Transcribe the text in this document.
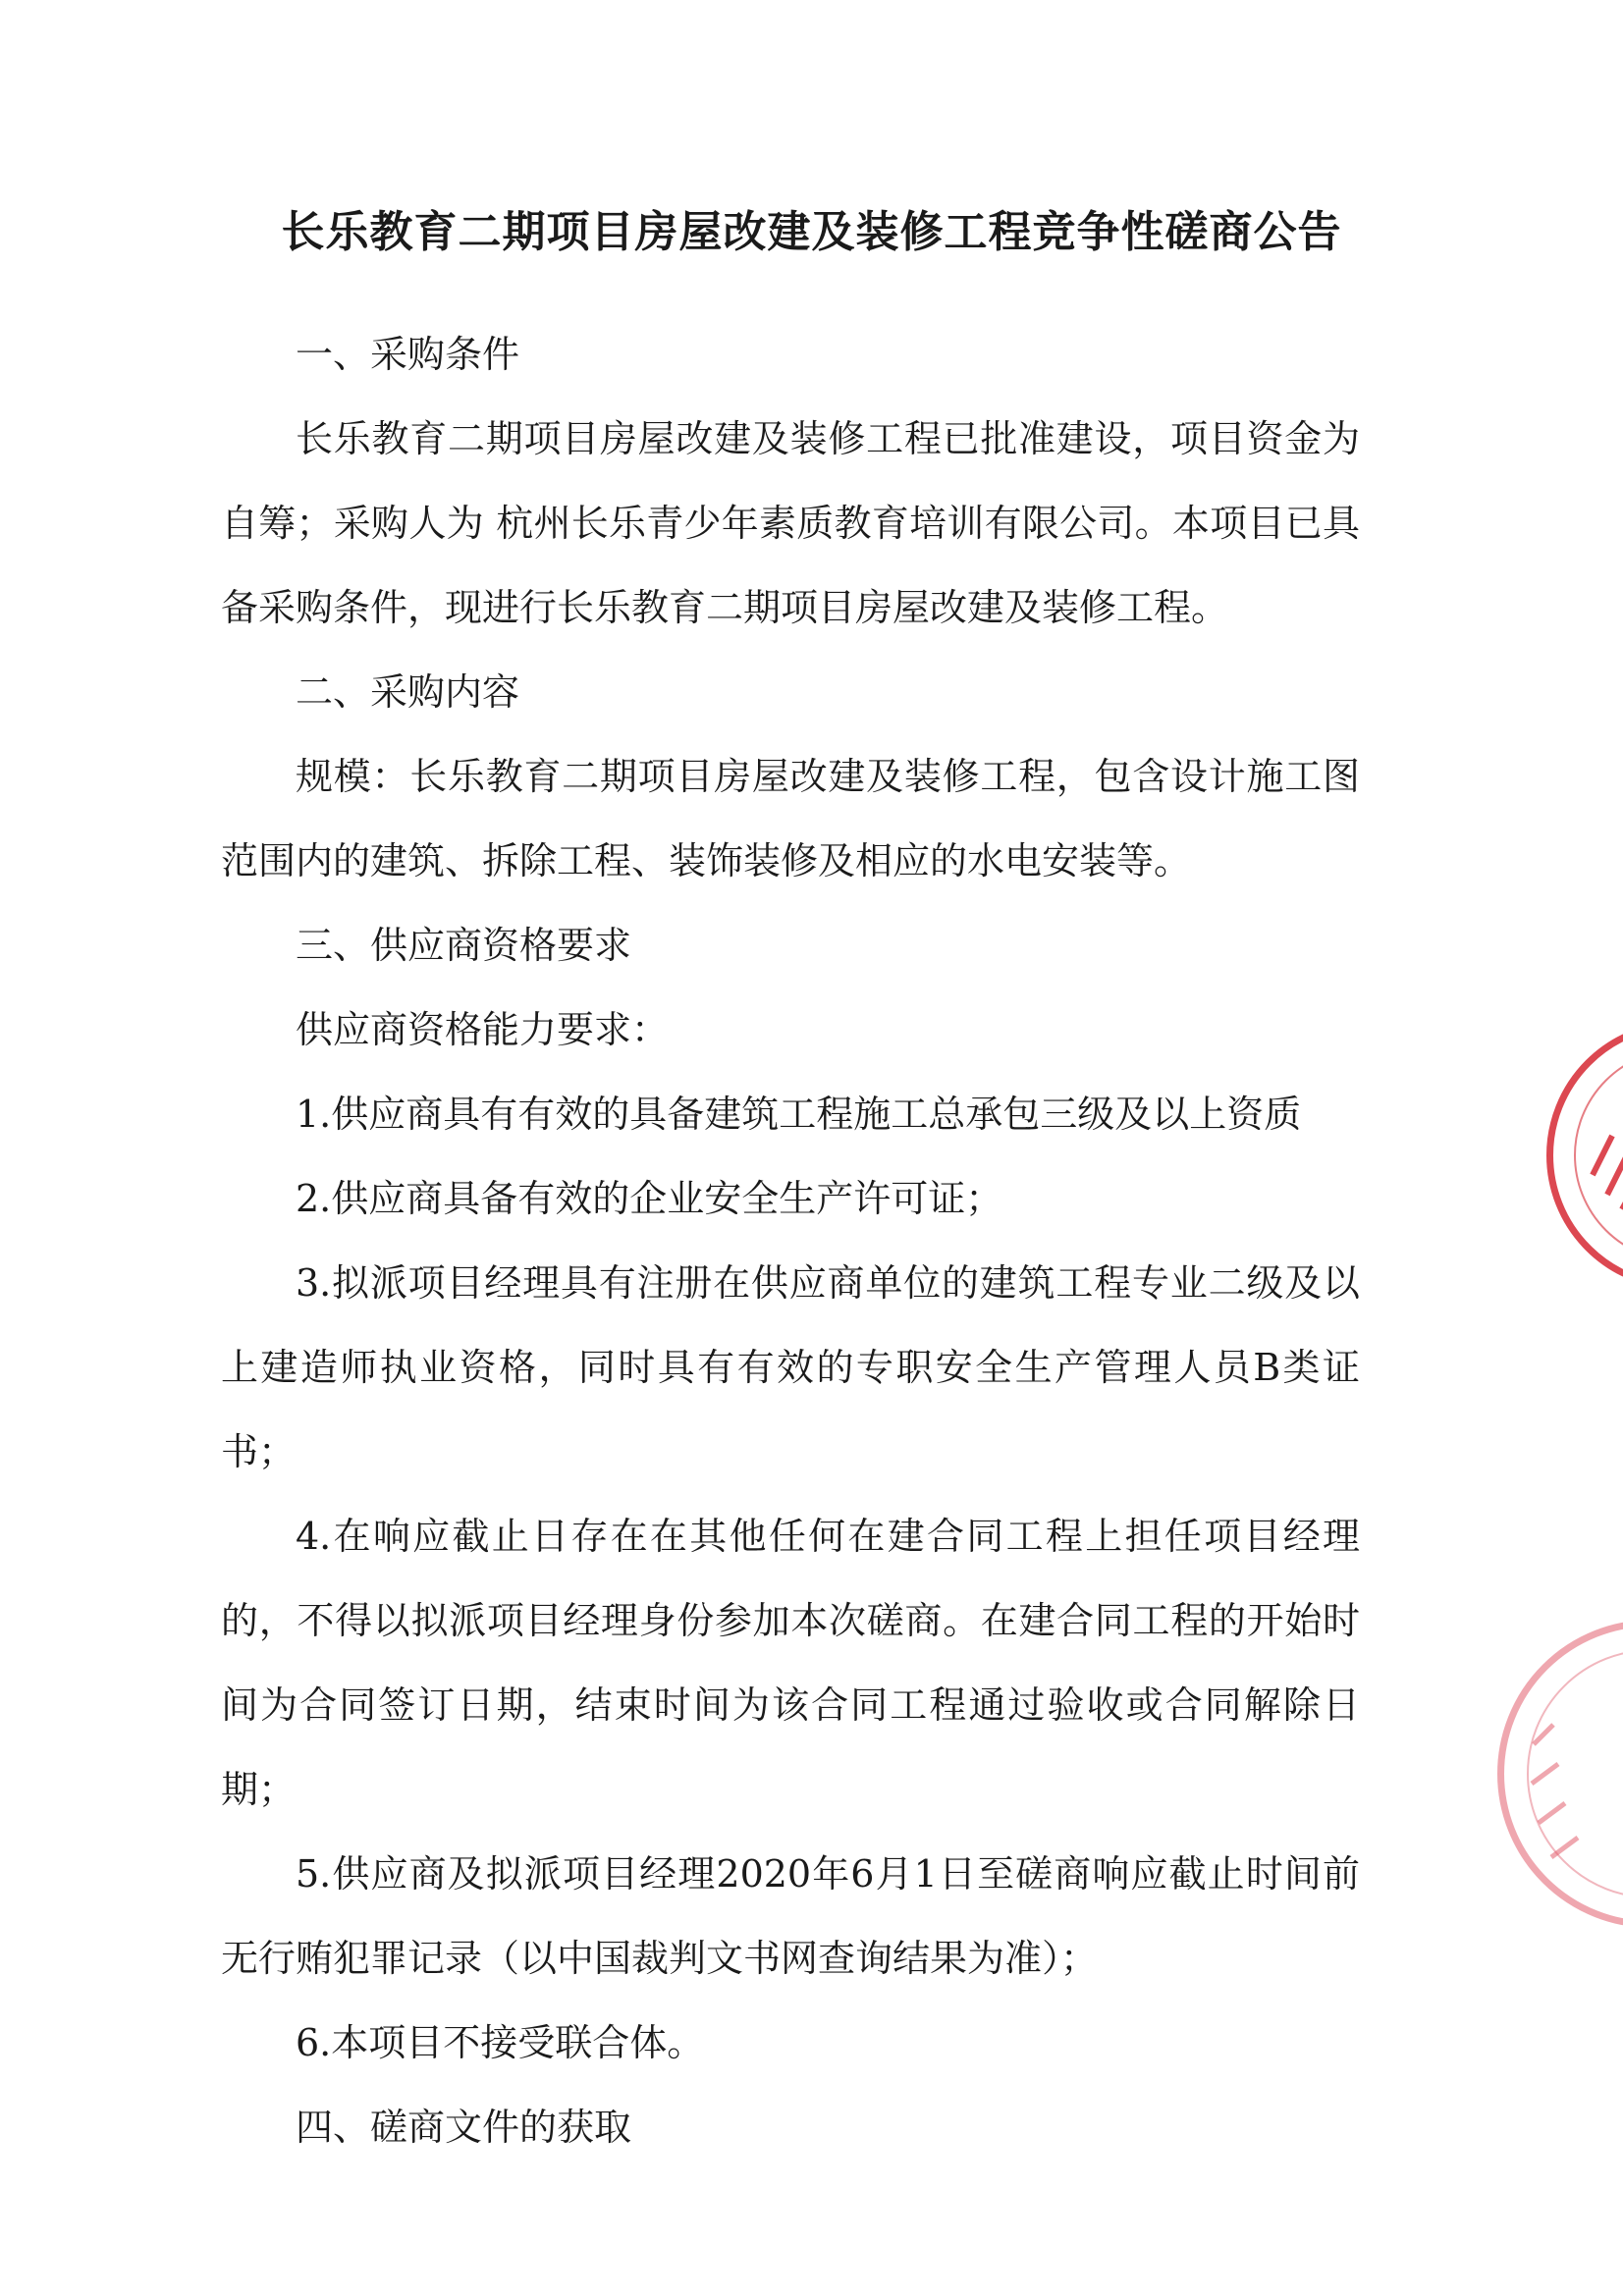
长乐教育二期项目房屋改建及装修工程竞争性磋商公告

一、采购条件

长乐教育二期项目房屋改建及装修工程已批准建设，项目资金为自筹；采购人为 杭州长乐青少年素质教育培训有限公司。本项目已具备采购条件，现进行长乐教育二期项目房屋改建及装修工程。

二、采购内容

规模：长乐教育二期项目房屋改建及装修工程，包含设计施工图范围内的建筑、拆除工程、装饰装修及相应的水电安装等。

三、供应商资格要求

供应商资格能力要求：

1.供应商具有有效的具备建筑工程施工总承包三级及以上资质

2.供应商具备有效的企业安全生产许可证；

3.拟派项目经理具有注册在供应商单位的建筑工程专业二级及以上建造师执业资格，同时具有有效的专职安全生产管理人员B类证书；

4.在响应截止日存在在其他任何在建合同工程上担任项目经理的，不得以拟派项目经理身份参加本次磋商。在建合同工程的开始时间为合同签订日期，结束时间为该合同工程通过验收或合同解除日期；

5.供应商及拟派项目经理2020年6月1日至磋商响应截止时间前无行贿犯罪记录（以中国裁判文书网查询结果为准）；

6.本项目不接受联合体。

四、磋商文件的获取
